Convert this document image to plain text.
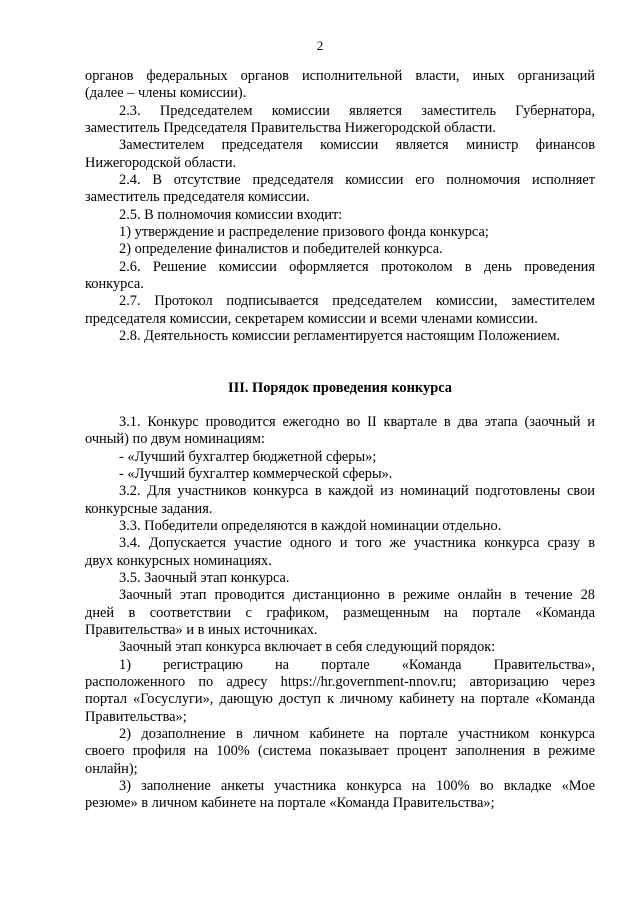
2
органов федеральных органов исполнительной власти, иных организаций
(далее – члены комиссии).
2.3. Председателем комиссии является заместитель Губернатора,
заместитель Председателя Правительства Нижегородской области.
Заместителем председателя комиссии является министр финансов
Нижегородской области.
2.4. В отсутствие председателя комиссии его полномочия исполняет
заместитель председателя комиссии.
2.5. В полномочия комиссии входит:
1) утверждение и распределение призового фонда конкурса;
2) определение финалистов и победителей конкурса.
2.6. Решение комиссии оформляется протоколом в день проведения
конкурса.
2.7. Протокол подписывается председателем комиссии, заместителем
председателя комиссии, секретарем комиссии и всеми членами комиссии.
2.8. Деятельность комиссии регламентируется настоящим Положением.
III. Порядок проведения конкурса
3.1. Конкурс проводится ежегодно во II квартале в два этапа (заочный и
очный) по двум номинациям:
- «Лучший бухгалтер бюджетной сферы»;
- «Лучший бухгалтер коммерческой сферы».
3.2. Для участников конкурса в каждой из номинаций подготовлены свои
конкурсные задания.
3.3. Победители определяются в каждой номинации отдельно.
3.4. Допускается участие одного и того же участника конкурса сразу в
двух конкурсных номинациях.
3.5. Заочный этап конкурса.
Заочный этап проводится дистанционно в режиме онлайн в течение 28
дней в соответствии с графиком, размещенным на портале «Команда
Правительства» и в иных источниках.
Заочный этап конкурса включает в себя следующий порядок:
1) регистрацию на портале «Команда Правительства»,
расположенного по адресу https://hr.government-nnov.ru; авторизацию через
портал «Госуслуги», дающую доступ к личному кабинету на портале «Команда
Правительства»;
2) дозаполнение в личном кабинете на портале участником конкурса
своего профиля на 100% (система показывает процент заполнения в режиме
онлайн);
3) заполнение анкеты участника конкурса на 100% во вкладке «Мое
резюме» в личном кабинете на портале «Команда Правительства»;
